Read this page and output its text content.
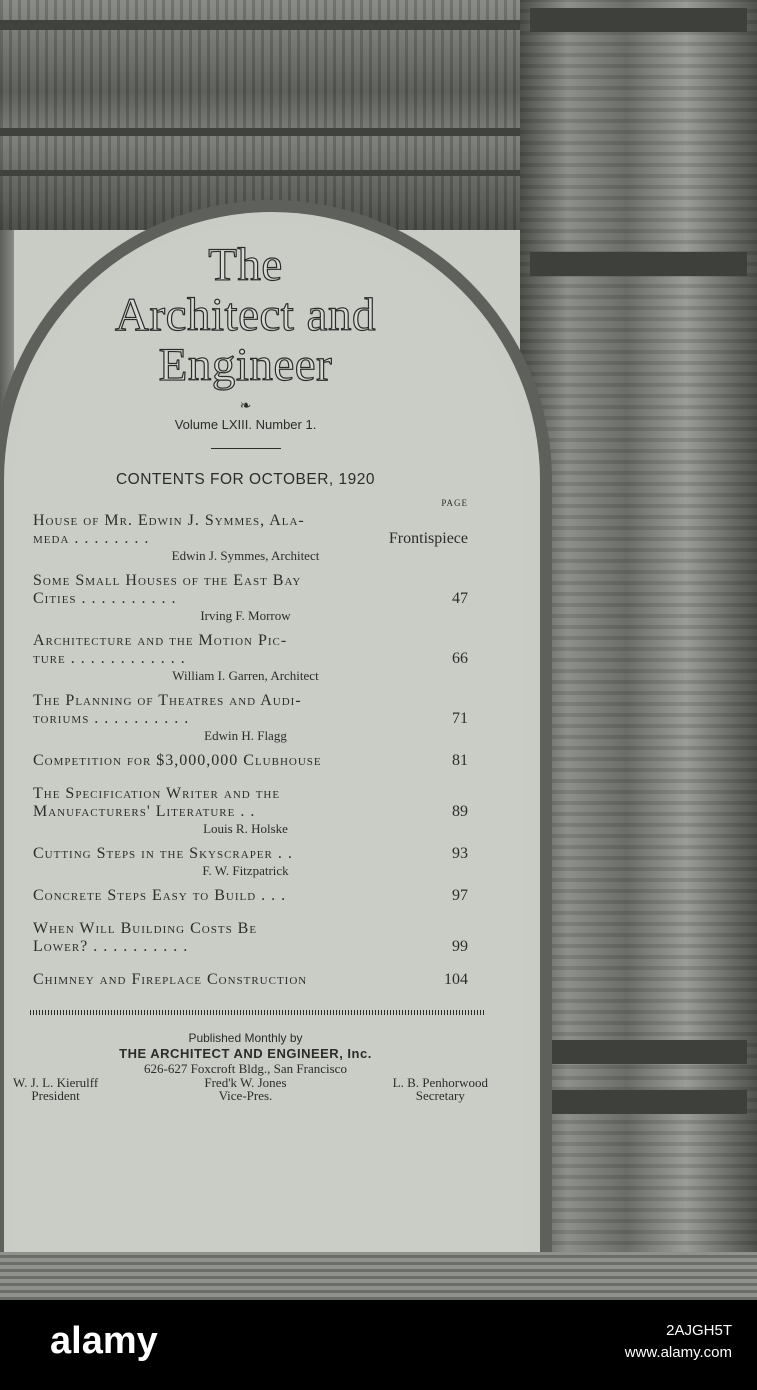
The
Architect and
Engineer
❧
Volume LXIII. Number 1.
CONTENTS FOR OCTOBER, 1920
PAGE
House of Mr. Edwin J. Symmes, Ala-
meda . . . . . . . .	Frontispiece
Edwin J. Symmes, Architect
Some Small Houses of the East Bay
Cities . . . . . . . . . .	47
Irving F. Morrow
Architecture and the Motion Pic-
ture . . . . . . . . . . . .	66
William I. Garren, Architect
The Planning of Theatres and Audi-
toriums . . . . . . . . . .	71
Edwin H. Flagg
Competition for $3,000,000 Clubhouse	81
The Specification Writer and the
Manufacturers' Literature . .	89
Louis R. Holske
Cutting Steps in the Skyscraper . .	93
F. W. Fitzpatrick
Concrete Steps Easy to Build . . .	97
When Will Building Costs Be
Lower? . . . . . . . . . .	99
Chimney and Fireplace Construction	104
Published Monthly by
THE ARCHITECT AND ENGINEER, Inc.
626-627 Foxcroft Bldg., San Francisco
W. J. L. Kierulff
President
Fred'k W. Jones
Vice-Pres.
L. B. Penhorwood
Secretary
alamy	2AJGH5T
www.alamy.com
